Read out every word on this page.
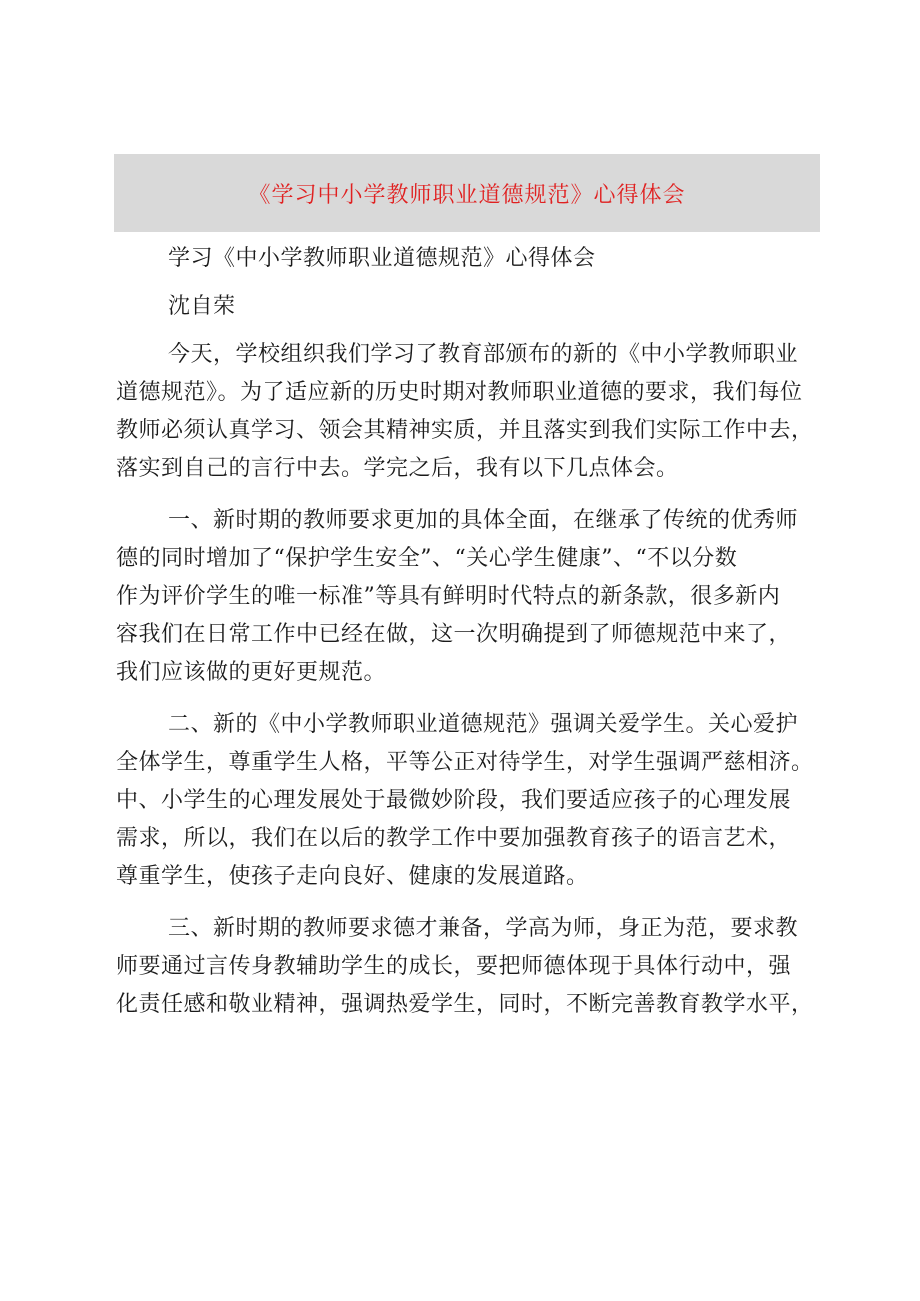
《学习中小学教师职业道德规范》心得体会
学习《中小学教师职业道德规范》心得体会
沈自荣
今天，学校组织我们学习了教育部颁布的新的《中小学教师职业
道德规范》。为了适应新的历史时期对教师职业道德的要求，我们每位
教师必须认真学习、领会其精神实质，并且落实到我们实际工作中去，
落实到自己的言行中去。学完之后，我有以下几点体会。
一、新时期的教师要求更加的具体全面，在继承了传统的优秀师
德的同时增加了“保护学生安全”、“关心学生健康”、“不以分数
作为评价学生的唯一标准”等具有鲜明时代特点的新条款，很多新内
容我们在日常工作中已经在做，这一次明确提到了师德规范中来了，
我们应该做的更好更规范。
二、新的《中小学教师职业道德规范》强调关爱学生。关心爱护
全体学生，尊重学生人格，平等公正对待学生，对学生强调严慈相济。
中、小学生的心理发展处于最微妙阶段，我们要适应孩子的心理发展
需求，所以，我们在以后的教学工作中要加强教育孩子的语言艺术，
尊重学生，使孩子走向良好、健康的发展道路。
三、新时期的教师要求德才兼备，学高为师，身正为范，要求教
师要通过言传身教辅助学生的成长，要把师德体现于具体行动中，强
化责任感和敬业精神，强调热爱学生，同时，不断完善教育教学水平，
